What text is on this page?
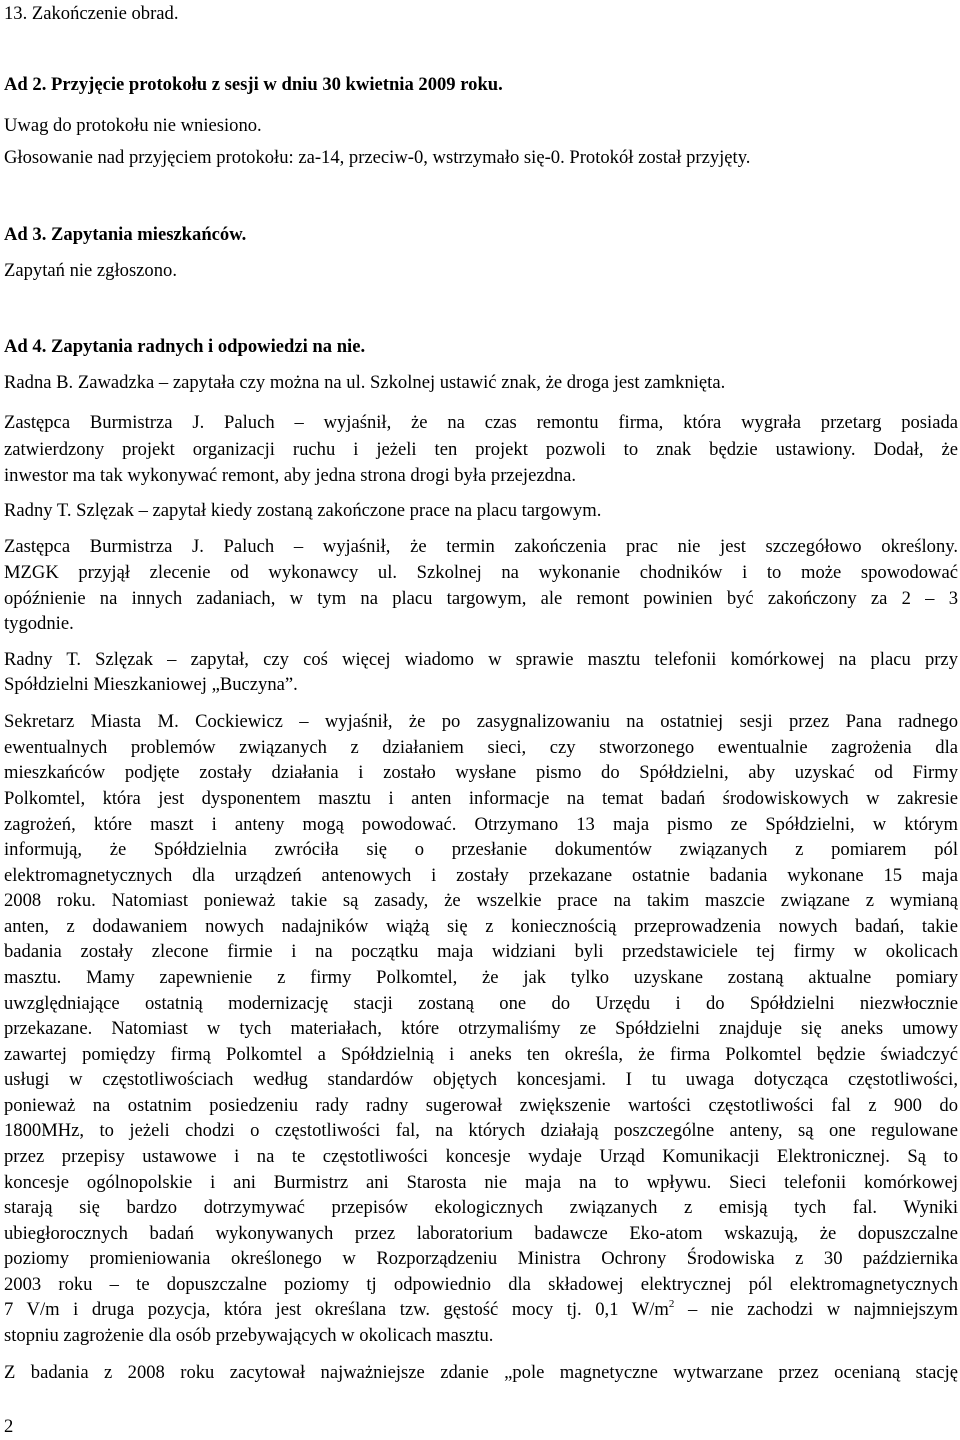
13. Zakończenie obrad.
Ad 2. Przyjęcie protokołu z sesji w dniu 30 kwietnia 2009 roku.
Uwag do protokołu nie wniesiono.
Głosowanie nad przyjęciem protokołu: za-14, przeciw-0, wstrzymało się-0. Protokół został przyjęty.
Ad 3. Zapytania mieszkańców.
Zapytań nie zgłoszono.
Ad 4. Zapytania radnych i odpowiedzi na nie.
Radna B. Zawadzka – zapytała czy można na ul. Szkolnej ustawić znak, że droga jest zamknięta.
Zastępca Burmistrza J. Paluch – wyjaśnił, że na czas remontu firma, która wygrała przetarg posiada
zatwierdzony projekt organizacji ruchu i jeżeli ten projekt pozwoli to znak będzie ustawiony. Dodał, że
inwestor ma tak wykonywać remont, aby jedna strona drogi była przejezdna.
Radny T. Szlęzak – zapytał kiedy zostaną zakończone prace na placu targowym.
Zastępca Burmistrza J. Paluch – wyjaśnił, że termin zakończenia prac nie jest szczegółowo określony.
MZGK przyjął zlecenie od wykonawcy ul. Szkolnej na wykonanie chodników i to może spowodować
opóźnienie na innych zadaniach, w tym na placu targowym, ale remont powinien być zakończony za 2 – 3
tygodnie.
Radny T. Szlęzak – zapytał, czy coś więcej wiadomo w sprawie masztu telefonii komórkowej na placu przy
Spółdzielni Mieszkaniowej „Buczyna”.
Sekretarz Miasta M. Cockiewicz – wyjaśnił, że po zasygnalizowaniu na ostatniej sesji przez Pana radnego
ewentualnych problemów związanych z działaniem sieci, czy stworzonego ewentualnie zagrożenia dla
mieszkańców podjęte zostały działania i zostało wysłane pismo do Spółdzielni, aby uzyskać od Firmy
Polkomtel, która jest dysponentem masztu i anten informacje na temat badań środowiskowych w zakresie
zagrożeń, które maszt i anteny mogą powodować. Otrzymano 13 maja pismo ze Spółdzielni, w którym
informują, że Spółdzielnia zwróciła się o przesłanie dokumentów związanych z pomiarem pól
elektromagnetycznych dla urządzeń antenowych i zostały przekazane ostatnie badania wykonane 15 maja
2008 roku. Natomiast ponieważ takie są zasady, że wszelkie prace na takim maszcie związane z wymianą
anten, z dodawaniem nowych nadajników wiążą się z koniecznością przeprowadzenia nowych badań, takie
badania zostały zlecone firmie i na początku maja widziani byli przedstawiciele tej firmy w okolicach
masztu. Mamy zapewnienie z firmy Polkomtel, że jak tylko uzyskane zostaną aktualne pomiary
uwzględniające ostatnią modernizację stacji zostaną one do Urzędu i do Spółdzielni niezwłocznie
przekazane. Natomiast w tych materiałach, które otrzymaliśmy ze Spółdzielni znajduje się aneks umowy
zawartej pomiędzy firmą Polkomtel a Spółdzielnią i aneks ten określa, że firma Polkomtel będzie świadczyć
usługi w częstotliwościach według standardów objętych koncesjami. I tu uwaga dotycząca częstotliwości,
ponieważ na ostatnim posiedzeniu rady radny sugerował zwiększenie wartości częstotliwości fal z 900 do
1800MHz, to jeżeli chodzi o częstotliwości fal, na których działają poszczególne anteny, są one regulowane
przez przepisy ustawowe i na te częstotliwości koncesje wydaje Urząd Komunikacji Elektronicznej. Są to
koncesje ogólnopolskie i ani Burmistrz ani Starosta nie maja na to wpływu. Sieci telefonii komórkowej
starają się bardzo dotrzymywać przepisów ekologicznych związanych z emisją tych fal. Wyniki
ubiegłorocznych badań wykonywanych przez laboratorium badawcze Eko-atom wskazują, że dopuszczalne
poziomy promieniowania określonego w Rozporządzeniu Ministra Ochrony Środowiska z 30 października
2003 roku – te dopuszczalne poziomy tj odpowiednio dla składowej elektrycznej pól elektromagnetycznych
7 V/m i druga pozycja, która jest określana tzw. gęstość mocy tj. 0,1 $W/m^2$ – nie zachodzi w najmniejszym
stopniu zagrożenie dla osób przebywających w okolicach masztu.
Z badania z 2008 roku zacytował najważniejsze zdanie „pole magnetyczne wytwarzane przez ocenianą stację
2
